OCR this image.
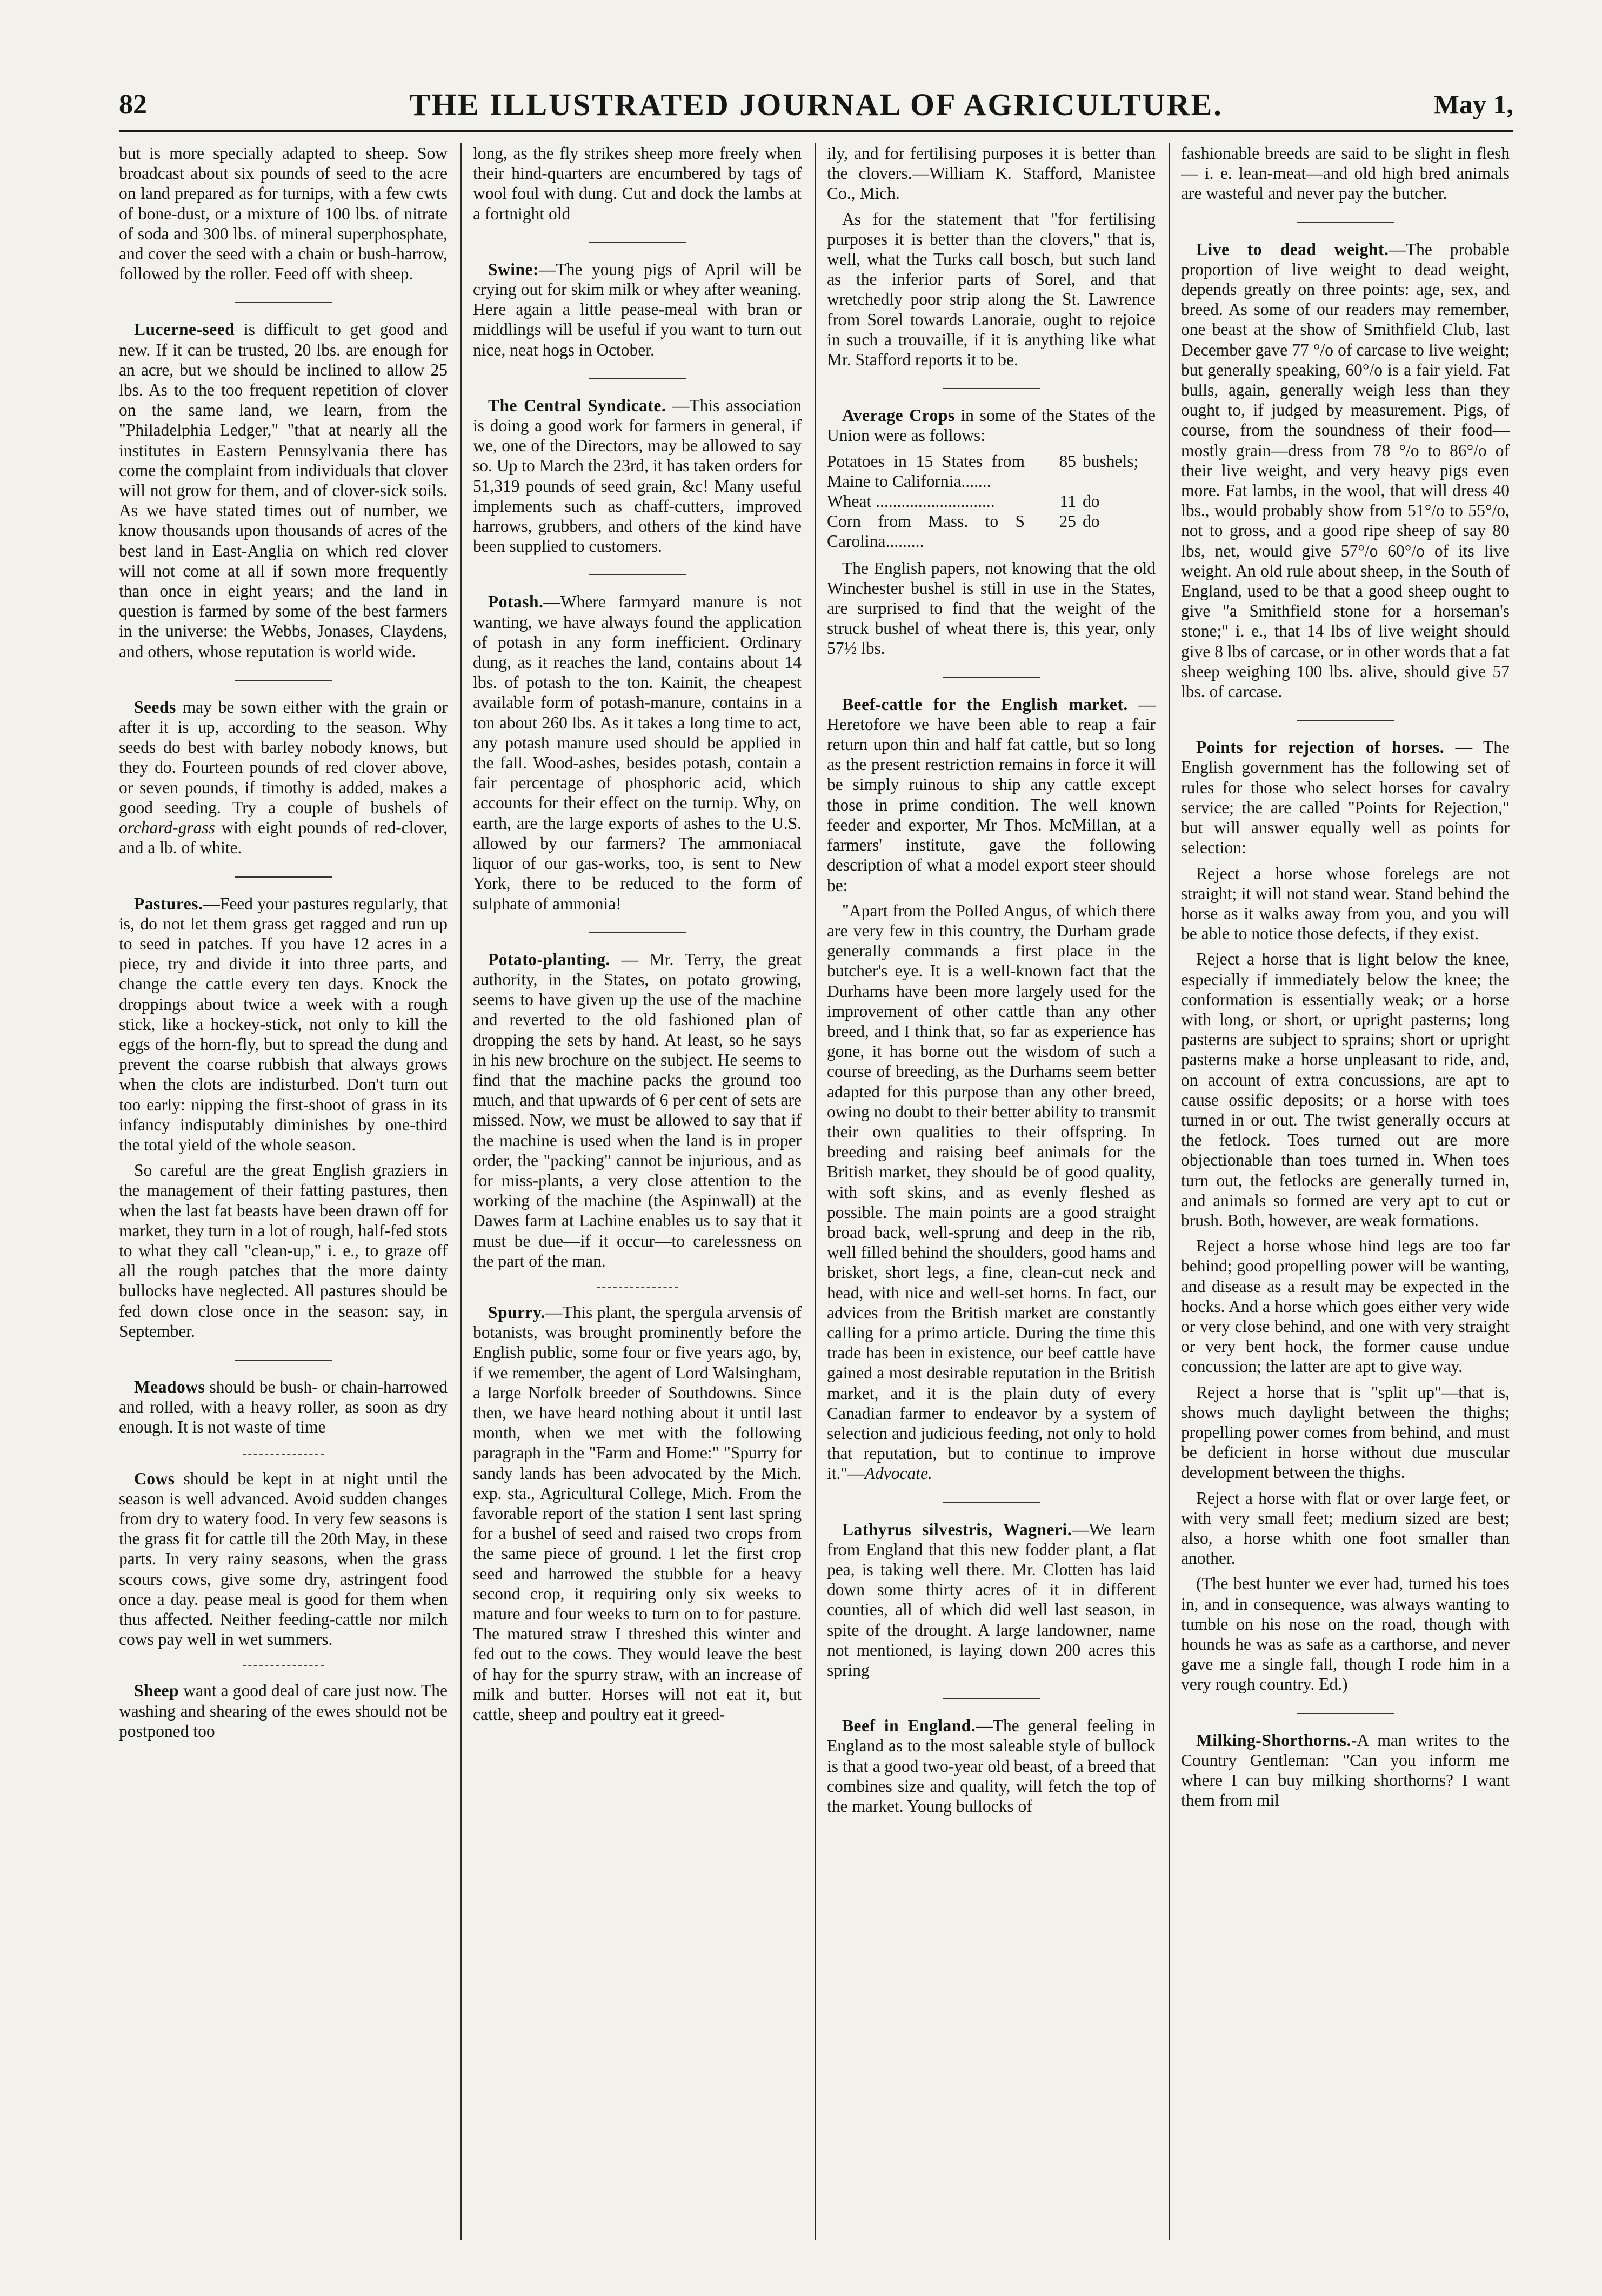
82	THE ILLUSTRATED JOURNAL OF AGRICULTURE.	May 1,

but is more specially adapted to sheep. Sow broadcast about six pounds of seed to the acre on land prepared as for turnips, with a few cwts of bone-dust, or a mixture of 100 lbs. of nitrate of soda and 300 lbs. of mineral superphosphate, and cover the seed with a chain or bush-harrow, followed by the roller. Feed off with sheep.

Lucerne-seed is difficult to get good and new. If it can be trusted, 20 lbs. are enough for an acre, but we should be inclined to allow 25 lbs. As to the too frequent repetition of clover on the same land, we learn, from the "Philadelphia Ledger," "that at nearly all the institutes in Eastern Pennsylvania there has come the complaint from individuals that clover will not grow for them, and of clover-sick soils. As we have stated times out of number, we know thousands upon thousands of acres of the best land in East-Anglia on which red clover will not come at all if sown more frequently than once in eight years; and the land in question is farmed by some of the best farmers in the universe: the Webbs, Jonases, Claydens, and others, whose reputation is world wide.

Seeds may be sown either with the grain or after it is up, according to the season. Why seeds do best with barley nobody knows, but they do. Fourteen pounds of red clover above, or seven pounds, if timothy is added, makes a good seeding. Try a couple of bushels of orchard-grass with eight pounds of red-clover, and a lb. of white.

Pastures.—Feed your pastures regularly, that is, do not let them grass get ragged and run up to seed in patches. If you have 12 acres in a piece, try and divide it into three parts, and change the cattle every ten days. Knock the droppings about twice a week with a rough stick, like a hockey-stick, not only to kill the eggs of the horn-fly, but to spread the dung and prevent the coarse rubbish that always grows when the clots are indisturbed. Don't turn out too early: nipping the first-shoot of grass in its infancy indisputably diminishes by one-third the total yield of the whole season.

So careful are the great English graziers in the management of their fatting pastures, then when the last fat beasts have been drawn off for market, they turn in a lot of rough, half-fed stots to what they call "clean-up," i. e., to graze off all the rough patches that the more dainty bullocks have neglected. All pastures should be fed down close once in the season: say, in September.

Meadows should be bush- or chain-harrowed and rolled, with a heavy roller, as soon as dry enough. It is not waste of time

Cows should be kept in at night until the season is well advanced. Avoid sudden changes from dry to watery food. In very few seasons is the grass fit for cattle till the 20th May, in these parts. In very rainy seasons, when the grass scours cows, give some dry, astringent food once a day. pease meal is good for them when thus affected. Neither feeding-cattle nor milch cows pay well in wet summers.

Sheep want a good deal of care just now. The washing and shearing of the ewes should not be postponed too

long, as the fly strikes sheep more freely when their hind-quarters are encumbered by tags of wool foul with dung. Cut and dock the lambs at a fortnight old

Swine:—The young pigs of April will be crying out for skim milk or whey after weaning. Here again a little pease-meal with bran or middlings will be useful if you want to turn out nice, neat hogs in October.

The Central Syndicate. —This association is doing a good work for farmers in general, if we, one of the Directors, may be allowed to say so. Up to March the 23rd, it has taken orders for 51,319 pounds of seed grain, &c! Many useful implements such as chaff-cutters, improved harrows, grubbers, and others of the kind have been supplied to customers.

Potash.—Where farmyard manure is not wanting, we have always found the application of potash in any form inefficient. Ordinary dung, as it reaches the land, contains about 14 lbs. of potash to the ton. Kainit, the cheapest available form of potash-manure, contains in a ton about 260 lbs. As it takes a long time to act, any potash manure used should be applied in the fall. Wood-ashes, besides potash, contain a fair percentage of phosphoric acid, which accounts for their effect on the turnip. Why, on earth, are the large exports of ashes to the U.S. allowed by our farmers? The ammoniacal liquor of our gas-works, too, is sent to New York, there to be reduced to the form of sulphate of ammonia!

Potato-planting. — Mr. Terry, the great authority, in the States, on potato growing, seems to have given up the use of the machine and reverted to the old fashioned plan of dropping the sets by hand. At least, so he says in his new brochure on the subject. He seems to find that the machine packs the ground too much, and that upwards of 6 per cent of sets are missed. Now, we must be allowed to say that if the machine is used when the land is in proper order, the "packing" cannot be injurious, and as for miss-plants, a very close attention to the working of the machine (the Aspinwall) at the Dawes farm at Lachine enables us to say that it must be due—if it occur—to carelessness on the part of the man.

Spurry.—This plant, the spergula arvensis of botanists, was brought prominently before the English public, some four or five years ago, by, if we remember, the agent of Lord Walsingham, a large Norfolk breeder of Southdowns. Since then, we have heard nothing about it until last month, when we met with the following paragraph in the "Farm and Home:" "Spurry for sandy lands has been advocated by the Mich. exp. sta., Agricultural College, Mich. From the favorable report of the station I sent last spring for a bushel of seed and raised two crops from the same piece of ground. I let the first crop seed and harrowed the stubble for a heavy second crop, it requiring only six weeks to mature and four weeks to turn on to for pasture. The matured straw I threshed this winter and fed out to the cows. They would leave the best of hay for the spurry straw, with an increase of milk and butter. Horses will not eat it, but cattle, sheep and poultry eat it greed-

ily, and for fertilising purposes it is better than the clovers.—William K. Stafford, Manistee Co., Mich.

As for the statement that "for fertilising purposes it is better than the clovers," that is, well, what the Turks call bosch, but such land as the inferior parts of Sorel, and that wretchedly poor strip along the St. Lawrence from Sorel towards Lanoraie, ought to rejoice in such a trouvaille, if it is anything like what Mr. Stafford reports it to be.

Average Crops in some of the States of the Union were as follows:

Potatoes in 15 States from Maine to California.......	85	bushels;
Wheat ............................	11	do
Corn from Mass. to S Carolina.........	25	do

The English papers, not knowing that the old Winchester bushel is still in use in the States, are surprised to find that the weight of the struck bushel of wheat there is, this year, only 57½ lbs.

Beef-cattle for the English market. —Heretofore we have been able to reap a fair return upon thin and half fat cattle, but so long as the present restriction remains in force it will be simply ruinous to ship any cattle except those in prime condition. The well known feeder and exporter, Mr Thos. McMillan, at a farmers' institute, gave the following description of what a model export steer should be:

"Apart from the Polled Angus, of which there are very few in this country, the Durham grade generally commands a first place in the butcher's eye. It is a well-known fact that the Durhams have been more largely used for the improvement of other cattle than any other breed, and I think that, so far as experience has gone, it has borne out the wisdom of such a course of breeding, as the Durhams seem better adapted for this purpose than any other breed, owing no doubt to their better ability to transmit their own qualities to their offspring. In breeding and raising beef animals for the British market, they should be of good quality, with soft skins, and as evenly fleshed as possible. The main points are a good straight broad back, well-sprung and deep in the rib, well filled behind the shoulders, good hams and brisket, short legs, a fine, clean-cut neck and head, with nice and well-set horns. In fact, our advices from the British market are constantly calling for a primo article. During the time this trade has been in existence, our beef cattle have gained a most desirable reputation in the British market, and it is the plain duty of every Canadian farmer to endeavor by a system of selection and judicious feeding, not only to hold that reputation, but to continue to improve it."—Advocate.

Lathyrus silvestris, Wagneri.—We learn from England that this new fodder plant, a flat pea, is taking well there. Mr. Clotten has laid down some thirty acres of it in different counties, all of which did well last season, in spite of the drought. A large landowner, name not mentioned, is laying down 200 acres this spring

Beef in England.—The general feeling in England as to the most saleable style of bullock is that a good two-year old beast, of a breed that combines size and quality, will fetch the top of the market. Young bullocks of

fashionable breeds are said to be slight in flesh — i. e. lean-meat—and old high bred animals are wasteful and never pay the butcher.

Live to dead weight.—The probable proportion of live weight to dead weight, depends greatly on three points: age, sex, and breed. As some of our readers may remember, one beast at the show of Smithfield Club, last December gave 77 °/o of carcase to live weight; but generally speaking, 60°/o is a fair yield. Fat bulls, again, generally weigh less than they ought to, if judged by measurement. Pigs, of course, from the soundness of their food—mostly grain—dress from 78 °/o to 86°/o of their live weight, and very heavy pigs even more. Fat lambs, in the wool, that will dress 40 lbs., would probably show from 51°/o to 55°/o, not to gross, and a good ripe sheep of say 80 lbs, net, would give 57°/o 60°/o of its live weight. An old rule about sheep, in the South of England, used to be that a good sheep ought to give "a Smithfield stone for a horseman's stone;" i. e., that 14 lbs of live weight should give 8 lbs of carcase, or in other words that a fat sheep weighing 100 lbs. alive, should give 57 lbs. of carcase.

Points for rejection of horses. — The English government has the following set of rules for those who select horses for cavalry service; the are called "Points for Rejection," but will answer equally well as points for selection:

Reject a horse whose forelegs are not straight; it will not stand wear. Stand behind the horse as it walks away from you, and you will be able to notice those defects, if they exist.

Reject a horse that is light below the knee, especially if immediately below the knee; the conformation is essentially weak; or a horse with long, or short, or upright pasterns; long pasterns are subject to sprains; short or upright pasterns make a horse unpleasant to ride, and, on account of extra concussions, are apt to cause ossific deposits; or a horse with toes turned in or out. The twist generally occurs at the fetlock. Toes turned out are more objectionable than toes turned in. When toes turn out, the fetlocks are generally turned in, and animals so formed are very apt to cut or brush. Both, however, are weak formations.

Reject a horse whose hind legs are too far behind; good propelling power will be wanting, and disease as a result may be expected in the hocks. And a horse which goes either very wide or very close behind, and one with very straight or very bent hock, the former cause undue concussion; the latter are apt to give way.

Reject a horse that is "split up"—that is, shows much daylight between the thighs; propelling power comes from behind, and must be deficient in horse without due muscular development between the thighs.

Reject a horse with flat or over large feet, or with very small feet; medium sized are best; also, a horse whith one foot smaller than another.

(The best hunter we ever had, turned his toes in, and in consequence, was always wanting to tumble on his nose on the road, though with hounds he was as safe as a carthorse, and never gave me a single fall, though I rode him in a very rough country. Ed.)

Milking-Shorthorns.-A man writes to the Country Gentleman: "Can you inform me where I can buy milking shorthorns? I want them from mil
